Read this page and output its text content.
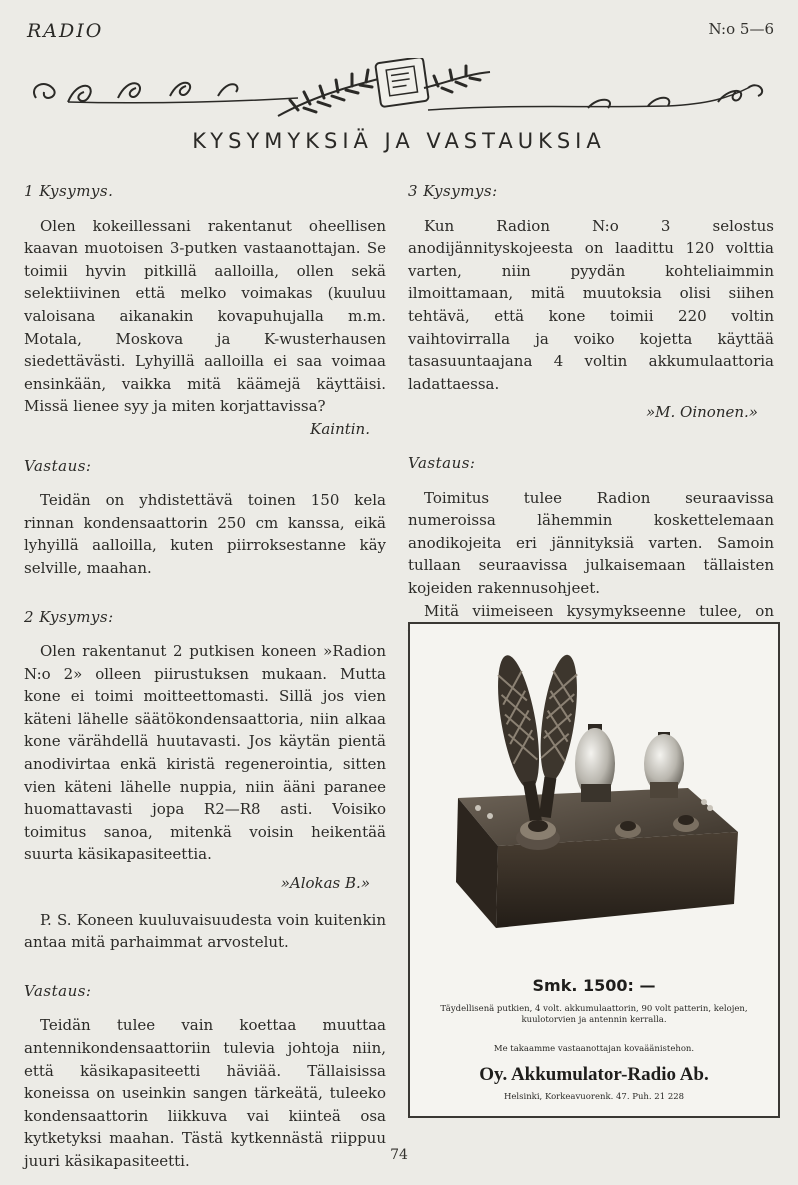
RADIO	N:o 5—6
KYSYMYKSIÄ JA VASTAUKSIA
1 Kysymys.

Olen kokeillessani rakentanut oheellisen kaavan muotoisen 3-putken vastaanottajan. Se toimii hyvin pitkillä aalloilla, ollen sekä selektiivinen että melko voimakas (kuuluu valoisana aikanakin kovapuhujalla m.m. Motala, Moskova ja K-wusterhausen siedettävästi. Lyhyillä aalloilla ei saa voimaa ensinkään, vaikka mitä käämejä käyttäisi. Missä lienee syy ja miten korjattavissa?

Kaintin.
Vastaus:

Teidän on yhdistettävä toinen 150 kela rinnan kondensaattorin 250 cm kanssa, eikä lyhyillä aalloilla, kuten piirroksestanne käy selville, maahan.

2 Kysymys:

Olen rakentanut 2 putkisen koneen »Radion N:o 2» olleen piirustuksen mukaan. Mutta kone ei toimi moitteettomasti. Sillä jos vien käteni lähelle säätökondensaattoria, niin alkaa kone värähdellä huutavasti. Jos käytän pientä anodivirtaa enkä kiristä regenerointia, sitten vien käteni lähelle nuppia, niin ääni paranee huomattavasti jopa R2—R8 asti. Voisiko toimitus sanoa, mitenkä voisin heikentää suurta käsikapasiteettia.

»Alokas B.»

P. S. Koneen kuuluvaisuudesta voin kuitenkin antaa mitä parhaimmat arvostelut.

Vastaus:

Teidän tulee vain koettaa muuttaa antennikondensaattoriin tulevia johtoja niin, että käsikapasiteetti häviää. Tällaisissa koneissa on useinkin sangen tärkeätä, tuleeko kondensaattorin liikkuva vai kiinteä osa kytketyksi maahan. Tästä kytkennästä riippuu juuri käsikapasiteetti.

3 Kysymys:

Kun Radion N:o 3 selostus anodijännityskojeesta on laadittu 120 volttia varten, niin pyydän kohteliaimmin ilmoittamaan, mitä muutoksia olisi siihen tehtävä, että kone toimii 220 voltin vaihtovirralla ja voiko kojetta käyttää tasasuuntaajana 4 voltin akkumulaattoria ladattaessa.

»M. Oinonen.»
Vastaus:

Toimitus tulee Radion seuraavissa numeroissa lähemmin koskettelemaan anodikojeita eri jännityksiä varten. Samoin tullaan seuraavissa julkaisemaan tällaisten kojeiden rakennusohjeet.

Mitä viimeiseen kysymykseenne tulee, on

Smk. 1500: —
Täydellisenä putkien, 4 volt. akkumulaattorin, 90 volt patterin, kelojen, kuulotorvien ja antennin kerralla.
Me takaamme vastaanottajan kovaäänistehon.
Oy. Akkumulator-Radio Ab.
Helsinki, Korkeavuorenk. 47. Puh. 21 228
74
